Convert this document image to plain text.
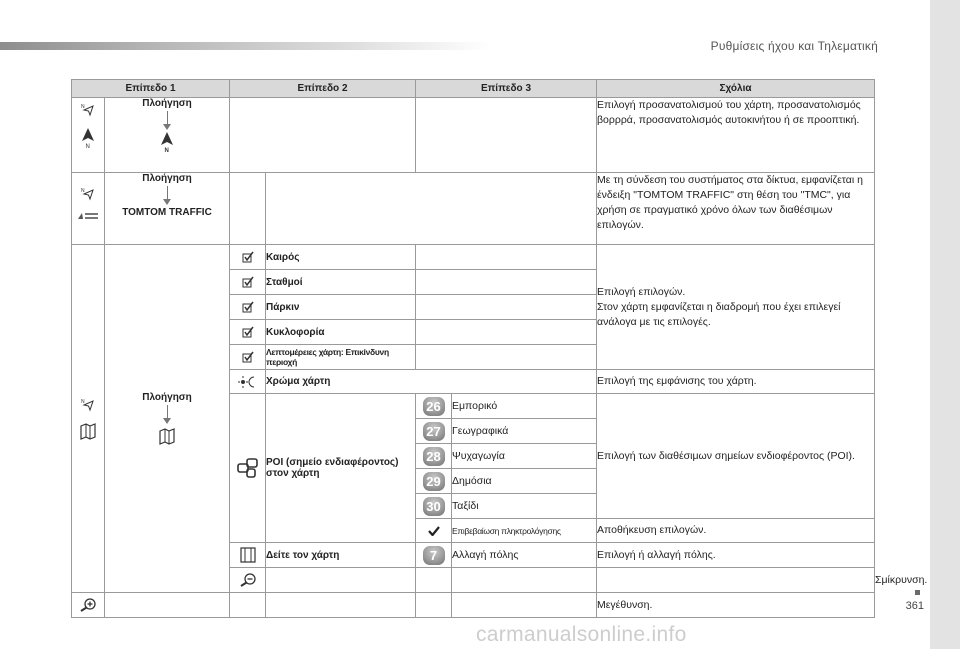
Ρυθμίσεις ήχου και Τηλεματική
361
carmanualsonline.info
Επίπεδο 1		Επίπεδο 2		Επίπεδο 3		Σχόλια	

N
N	Πλοήγηση
N					Επιλογή προσανατολισμού του χάρτη, προσανατολισμός βορρρά, προσανατολισμός αυτοκινήτου ή σε προοπτική.	

N	Πλοήγηση
TOMTOM TRAFFIC					Με τη σύνδεση του συστήματος στα δίκτυα, εμφανίζεται η ένδειξη "TOMTOM TRAFFIC" στη θέση του "TMC", για χρήση σε πραγματικό χρόνο όλων των διαθέσιμων επιλογών.	

N	Πλοήγηση		Καιρός			Επιλογή επιλογών.
Στον χάρτη εμφανίζεται η διαδρομή που έχει επιλεγεί ανάλογα με τις επιλογές.	

	Σταθμοί				

	Πάρκιν				

	Κυκλοφορία				

	Λεπτομέρειες χάρτη: Επικίνδυνη περιοχή				

	Χρώμα χάρτη			Επιλογή της εμφάνισης του χάρτη.	

	POI (σημείο ενδιαφέροντος) στον χάρτη	26	Εμπορικό	Επιλογή των διαθέσιμων σημείων ενδιοφέροντος (POI).	
				27	Γεωγραφικά		
				28	Ψυχαγωγία		
				29	Δημόσια		
				30	Ταξίδι		

	Επιβεβαίωση πληκτρολόγησης	Αποθήκευση επιλογών.	

	Δείτε τον χάρτη	7	Αλλαγή πόλης	Επιλογή ή αλλαγή πόλης.	

						Σμίκρυνση.

						Μεγέθυνση.	
